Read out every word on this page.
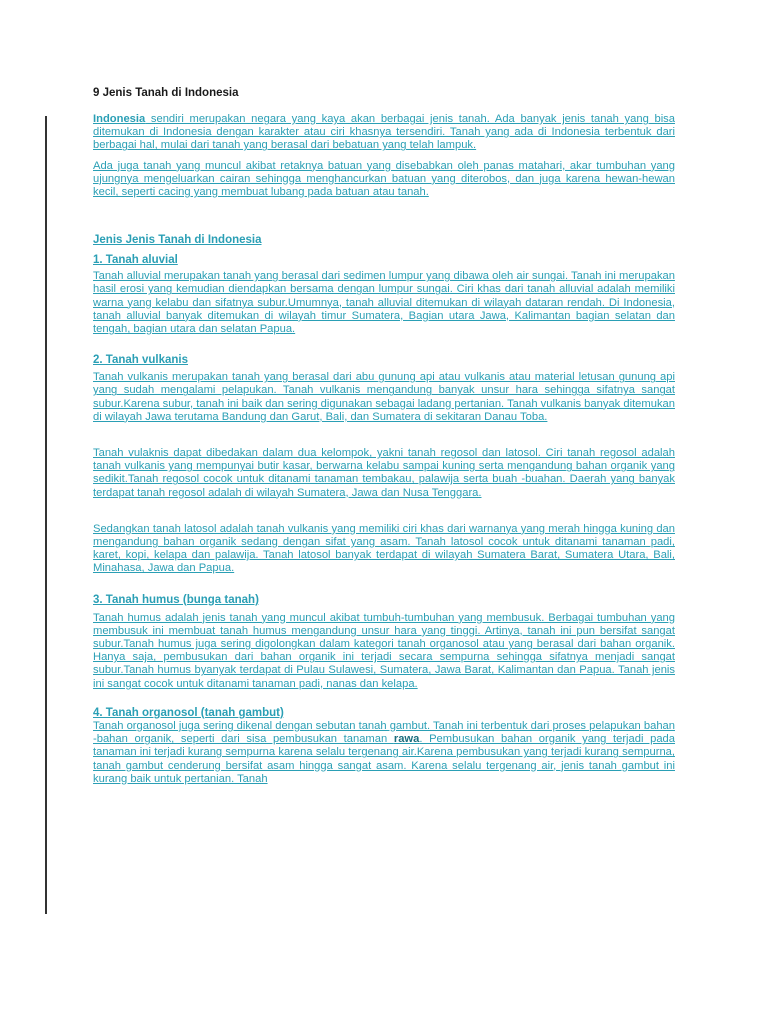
9 Jenis Tanah di Indonesia

Indonesia sendiri merupakan negara yang kaya akan berbagai jenis tanah. Ada banyak jenis tanah yang bisa ditemukan di Indonesia dengan karakter atau ciri khasnya tersendiri. Tanah yang ada di Indonesia terbentuk dari berbagai hal, mulai dari tanah yang berasal dari bebatuan yang telah lampuk.

Ada juga tanah yang muncul akibat retaknya batuan yang disebabkan oleh panas matahari, akar tumbuhan yang ujungnya mengeluarkan cairan sehingga menghancurkan batuan yang diterobos, dan juga karena hewan-hewan kecil, seperti cacing yang membuat lubang pada batuan atau tanah.

Jenis Jenis Tanah di Indonesia

1. Tanah aluvial

Tanah alluvial merupakan tanah yang berasal dari sedimen lumpur yang dibawa oleh air sungai. Tanah ini merupakan hasil erosi yang kemudian diendapkan bersama dengan lumpur sungai. Ciri khas dari tanah alluvial adalah memiliki warna yang kelabu dan sifatnya subur.Umumnya, tanah alluvial ditemukan di wilayah dataran rendah. Di Indonesia, tanah alluvial banyak ditemukan di wilayah timur Sumatera, Bagian utara Jawa, Kalimantan bagian selatan dan tengah, bagian utara dan selatan Papua.

2. Tanah vulkanis

Tanah vulkanis merupakan tanah yang berasal dari abu gunung api atau vulkanis atau material letusan gunung api yang sudah mengalami pelapukan. Tanah vulkanis mengandung banyak unsur hara sehingga sifatnya sangat subur.Karena subur, tanah ini baik dan sering digunakan sebagai ladang pertanian. Tanah vulkanis banyak ditemukan di wilayah Jawa terutama Bandung dan Garut, Bali, dan Sumatera di sekitaran Danau Toba.

Tanah vulaknis dapat dibedakan dalam dua kelompok, yakni tanah regosol dan latosol. Ciri tanah regosol adalah tanah vulkanis yang mempunyai butir kasar, berwarna kelabu sampai kuning serta mengandung bahan organik yang sedikit.Tanah regosol cocok untuk ditanami tanaman tembakau, palawija serta buah -buahan. Daerah yang banyak terdapat tanah regosol adalah di wilayah Sumatera, Jawa dan Nusa Tenggara.

Sedangkan tanah latosol adalah tanah vulkanis yang memiliki ciri khas dari warnanya yang merah hingga kuning dan mengandung bahan organik sedang dengan sifat yang asam. Tanah latosol cocok untuk ditanami tanaman padi, karet, kopi, kelapa dan palawija. Tanah latosol banyak terdapat di wilayah Sumatera Barat, Sumatera Utara, Bali, Minahasa, Jawa dan Papua.

3. Tanah humus (bunga tanah)

Tanah humus adalah jenis tanah yang muncul akibat tumbuh-tumbuhan yang membusuk. Berbagai tumbuhan yang membusuk ini membuat tanah humus mengandung unsur hara yang tinggi. Artinya, tanah ini pun bersifat sangat subur.Tanah humus juga sering digolongkan dalam kategori tanah organosol atau yang berasal dari bahan organik. Hanya saja, pembusukan dari bahan organik ini terjadi secara sempurna sehingga sifatnya menjadi sangat subur.Tanah humus byanyak terdapat di Pulau Sulawesi, Sumatera, Jawa Barat, Kalimantan dan Papua. Tanah jenis ini sangat cocok untuk ditanami tanaman padi, nanas dan kelapa.

4. Tanah organosol (tanah gambut)

Tanah organosol juga sering dikenal dengan sebutan tanah gambut. Tanah ini terbentuk dari proses pelapukan bahan -bahan organik, seperti dari sisa pembusukan tanaman rawa. Pembusukan bahan organik yang terjadi pada tanaman ini terjadi kurang sempurna karena selalu tergenang air.Karena pembusukan yang terjadi kurang sempurna, tanah gambut cenderung bersifat asam hingga sangat asam. Karena selalu tergenang air, jenis tanah gambut ini kurang baik untuk pertanian. Tanah
